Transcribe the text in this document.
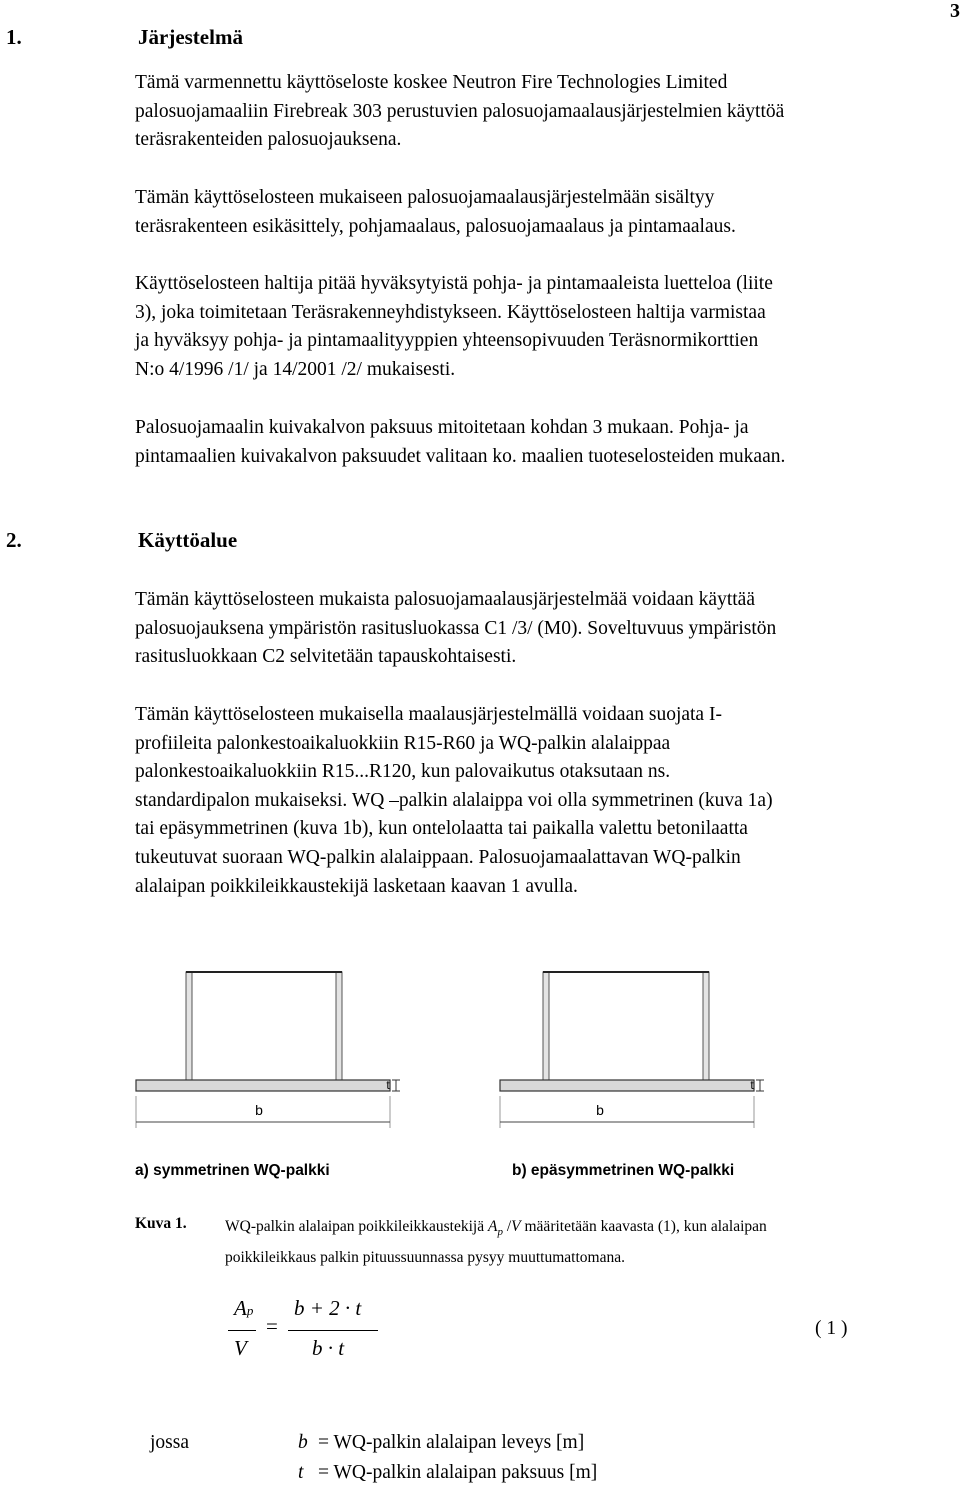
3
1.	Järjestelmä
Tämä varmennettu käyttöseloste koskee Neutron Fire Technologies Limited
palosuojamaaliin Firebreak 303 perustuvien palosuojamaalausjärjestelmien käyttöä
teräsrakenteiden palosuojauksena.
Tämän käyttöselosteen mukaiseen palosuojamaalausjärjestelmään sisältyy
teräsrakenteen esikäsittely, pohjamaalaus, palosuojamaalaus ja pintamaalaus.
Käyttöselosteen haltija pitää hyväksytyistä pohja- ja pintamaaleista luetteloa (liite
3), joka toimitetaan Teräsrakenneyhdistykseen. Käyttöselosteen haltija varmistaa
ja hyväksyy pohja- ja pintamaalityyppien yhteensopivuuden Teräsnormikorttien
N:o 4/1996 /1/ ja 14/2001 /2/ mukaisesti.
Palosuojamaalin kuivakalvon paksuus mitoitetaan kohdan 3 mukaan. Pohja- ja
pintamaalien kuivakalvon paksuudet valitaan ko. maalien tuoteselosteiden mukaan.
2.	Käyttöalue
Tämän käyttöselosteen mukaista palosuojamaalausjärjestelmää voidaan käyttää
palosuojauksena ympäristön rasitusluokassa C1 /3/ (M0). Soveltuvuus ympäristön
rasitusluokkaan C2 selvitetään tapauskohtaisesti.
Tämän käyttöselosteen mukaisella maalausjärjestelmällä voidaan suojata I-
profiileita palonkestoaikaluokkiin R15-R60 ja WQ-palkin alalaippaa
palonkestoaikaluokkiin R15...R120, kun palovaikutus otaksutaan ns.
standardipalon mukaiseksi. WQ –palkin alalaippa voi olla symmetrinen (kuva 1a)
tai epäsymmetrinen (kuva 1b), kun ontelolaatta tai paikalla valettu betonilaatta
tukeutuvat suoraan WQ-palkin alalaippaan. Palosuojamaalattavan WQ-palkin
alalaipan poikkileikkaustekijä lasketaan kaavan 1 avulla.
b
t
b
t
a) symmetrinen WQ-palkki	b) epäsymmetrinen WQ-palkki
Kuva 1. WQ-palkin alalaipan poikkileikkaustekijä $A_p$ /V määritetään kaavasta (1), kun alalaipan
poikkileikkaus palkin pituussuunnassa pysyy muuttumattomana.
Ap
V
=
b + 2 · t
b · t
( 1 )
jossa	b = WQ-palkin alalaipan leveys [m]
t = WQ-palkin alalaipan paksuus [m]
